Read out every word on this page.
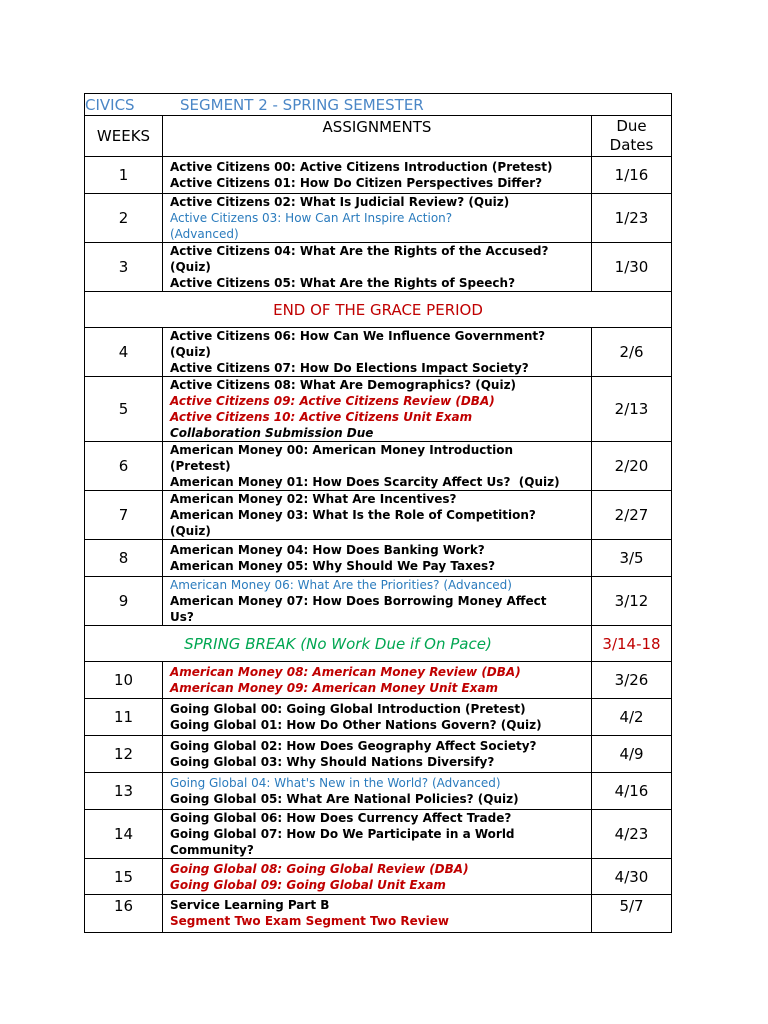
CIVICS SEGMENT 2 - SPRING SEMESTER		
WEEKS	ASSIGNMENTS	Due
Dates
1	Active Citizens 00: Active Citizens Introduction (Pretest)
Active Citizens 01: How Do Citizen Perspectives Differ?	1/16
2	Active Citizens 02: What Is Judicial Review? (Quiz)
Active Citizens 03: How Can Art Inspire Action?
(Advanced)	1/23
3	Active Citizens 04: What Are the Rights of the Accused?
(Quiz)
Active Citizens 05: What Are the Rights of Speech?	1/30
END OF THE GRACE PERIOD		
4	Active Citizens 06: How Can We Influence Government?
(Quiz)
Active Citizens 07: How Do Elections Impact Society?	2/6
5	Active Citizens 08: What Are Demographics? (Quiz)
Active Citizens 09: Active Citizens Review (DBA)
Active Citizens 10: Active Citizens Unit Exam
Collaboration Submission Due	2/13
6	American Money 00: American Money Introduction
(Pretest)
American Money 01: How Does Scarcity Affect Us?  (Quiz)	2/20
7	American Money 02: What Are Incentives?
American Money 03: What Is the Role of Competition?
(Quiz)	2/27
8	American Money 04: How Does Banking Work?
American Money 05: Why Should We Pay Taxes?	3/5
9	American Money 06: What Are the Priorities? (Advanced)
American Money 07: How Does Borrowing Money Affect
Us?	3/12
SPRING BREAK (No Work Due if On Pace)		3/14-18
10	American Money 08: American Money Review (DBA)
American Money 09: American Money Unit Exam	3/26
11	Going Global 00: Going Global Introduction (Pretest)
Going Global 01: How Do Other Nations Govern? (Quiz)	4/2
12	Going Global 02: How Does Geography Affect Society?
Going Global 03: Why Should Nations Diversify?	4/9
13	Going Global 04: What's New in the World? (Advanced)
Going Global 05: What Are National Policies? (Quiz)	4/16
14	Going Global 06: How Does Currency Affect Trade?
Going Global 07: How Do We Participate in a World
Community?	4/23
15	Going Global 08: Going Global Review (DBA)
Going Global 09: Going Global Unit Exam	4/30
16	Service Learning Part B
Segment Two Exam Segment Two Review	5/7
